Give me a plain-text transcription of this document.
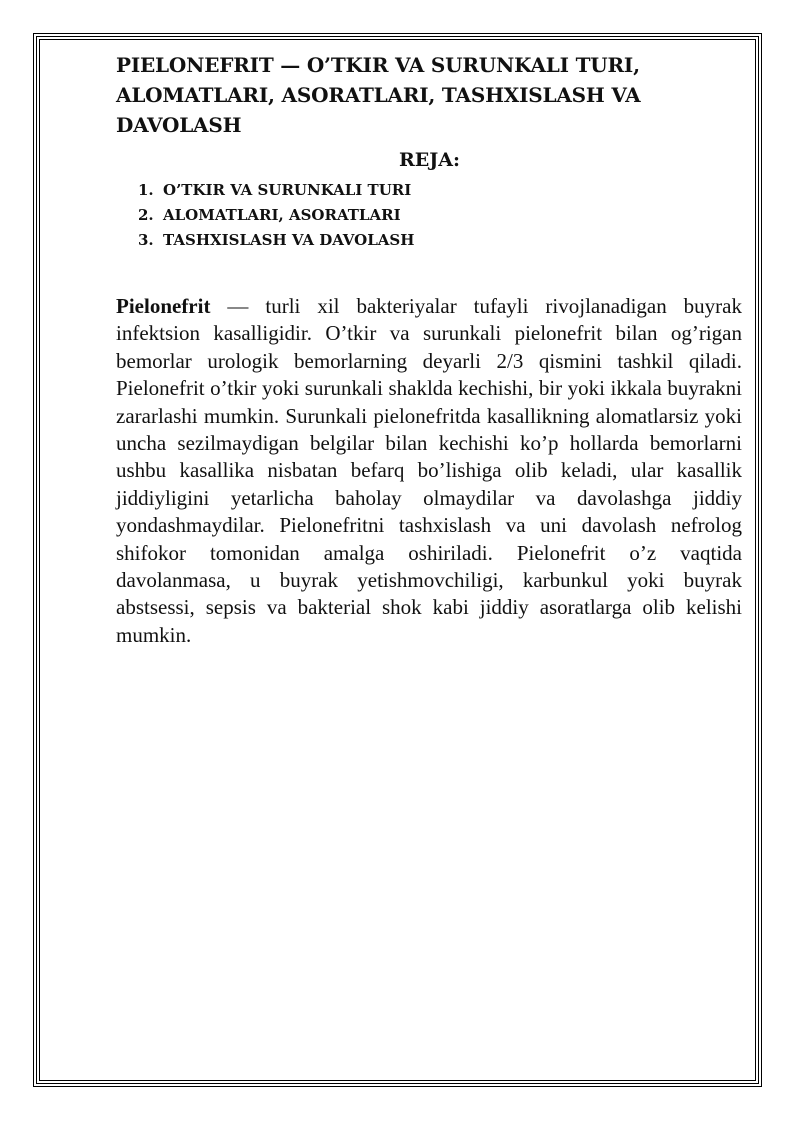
PIELONEFRIT — O’TKIR VA SURUNKALI TURI, ALOMATLARI, ASORATLARI, TASHXISLASH VA DAVOLASH
REJA:
1. O’TKIR VA SURUNKALI TURI
2. ALOMATLARI, ASORATLARI
3. TASHXISLASH VA DAVOLASH

Pielonefrit — turli xil bakteriyalar tufayli rivojlanadigan buyrak infektsion kasalligidir. O’tkir va surunkali pielonefrit bilan og’rigan bemorlar urologik bemorlarning deyarli 2/3 qismini tashkil qiladi. Pielonefrit o’tkir yoki surunkali shaklda kechishi, bir yoki ikkala buyrakni zararlashi mumkin. Surunkali pielonefritda kasallikning alomatlarsiz yoki uncha sezilmaydigan belgilar bilan kechishi ko’p hollarda bemorlarni ushbu kasallika nisbatan befarq bo’lishiga olib keladi, ular kasallik jiddiyligini yetarlicha baholay olmaydilar va davolashga jiddiy yondashmaydilar. Pielonefritni tashxislash va uni davolash nefrolog shifokor tomonidan amalga oshiriladi. Pielonefrit o’z vaqtida davolanmasa, u buyrak yetishmovchiligi, karbunkul yoki buyrak abstsessi, sepsis va bakterial shok kabi jiddiy asoratlarga olib kelishi mumkin.
